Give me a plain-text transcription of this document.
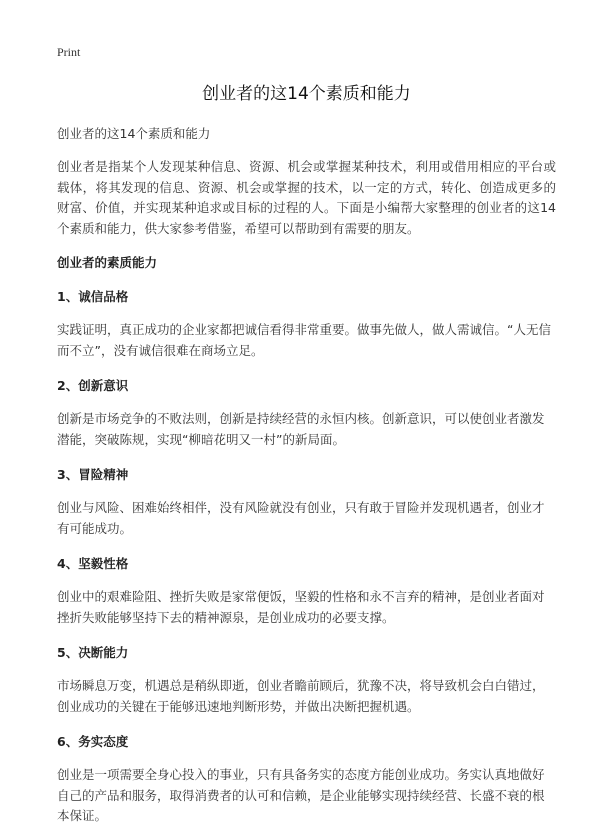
Print
创业者的这14个素质和能力

创业者的这14个素质和能力

创业者是指某个人发现某种信息、资源、机会或掌握某种技术，利用或借用相应的平台或载体，将其发现的信息、资源、机会或掌握的技术，以一定的方式，转化、创造成更多的财富、价值，并实现某种追求或目标的过程的人。下面是小编帮大家整理的创业者的这14个素质和能力，供大家参考借鉴，希望可以帮助到有需要的朋友。

创业者的素质能力

1、诚信品格

实践证明，真正成功的企业家都把诚信看得非常重要。做事先做人，做人需诚信。“人无信而不立”，没有诚信很难在商场立足。

2、创新意识

创新是市场竞争的不败法则，创新是持续经营的永恒内核。创新意识，可以使创业者激发潜能，突破陈规，实现“柳暗花明又一村”的新局面。

3、冒险精神

创业与风险、困难始终相伴，没有风险就没有创业，只有敢于冒险并发现机遇者，创业才有可能成功。

4、坚毅性格

创业中的艰难险阻、挫折失败是家常便饭，坚毅的性格和永不言弃的精神，是创业者面对挫折失败能够坚持下去的精神源泉，是创业成功的必要支撑。

5、决断能力

市场瞬息万变，机遇总是稍纵即逝，创业者瞻前顾后，犹豫不决，将导致机会白白错过，创业成功的关键在于能够迅速地判断形势，并做出决断把握机遇。

6、务实态度

创业是一项需要全身心投入的事业，只有具备务实的态度方能创业成功。务实认真地做好自己的产品和服务，取得消费者的认可和信赖，是企业能够实现持续经营、长盛不衰的根本保证。
